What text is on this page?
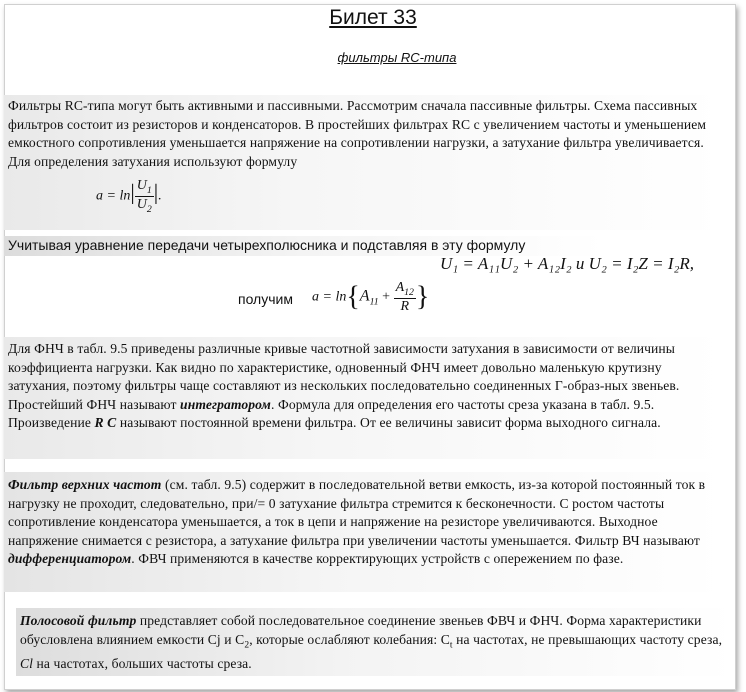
Билет 33
фильтры RC-типа
Фильтры RC-типа могут быть активными и пассивными. Рассмотрим сначала пассивные фильтры. Схема пассивных фильтров состоит из резисторов и конденсаторов. В простейших фильтрах RC с увеличением частоты и уменьшением емкостного сопротивления уменьшается напряжение на сопротивлении нагрузки, а затухание фильтра увеличивается. Для определения затухания используют формулу
$a = \ln| \frac{U_1}{U_2}$ |.
Учитывая уравнение передачи четырехполюсника и подставляя в эту формулу
U₁ = A₁₁U₂ + A₁₂I₂ и U₂ = I₂Z = I₂R,
получим $a = \ln\{A_{11} + \frac{A_{12}}{R}$ }
Для ФНЧ в табл. 9.5 приведены различные кривые частотной зависимости затухания в зависимости от величины коэффициента нагрузки. Как видно по характеристике, одновенный ФНЧ имеет довольно маленькую крутизну затухания, поэтому фильтры чаще составляют из нескольких последовательно соединенных Г-образ-ных звеньев. Простейший ФНЧ называют интегратором. Формула для определения его частоты среза указана в табл. 9.5. Произведение R C называют постоянной времени фильтра. От ее величины зависит форма выходного сигнала.
Фильтр верхних частот (см. табл. 9.5) содержит в последовательной ветви емкость, из-за которой постоянный ток в нагрузку не проходит, следовательно, при/= 0 затухание фильтра стремится к бесконечности. С ростом частоты сопротивление конденсатора уменьшается, а ток в цепи и напряжение на резисторе увеличиваются. Выходное напряжение снимается с резистора, а затухание фильтра при увеличении частоты уменьшается. Фильтр ВЧ называют дифференциатором. ФВЧ применяются в качестве корректирующих устройств с опережением по фазе.
Полосовой фильтр представляет собой последовательное соединение звеньев ФВЧ и ФНЧ. Форма характеристики обусловлена влиянием емкости Cj и $C_2$, которые ослабляют колебания: $C_t$ на частотах, не превышающих частоту среза, Cl на частотах, больших частоты среза.
